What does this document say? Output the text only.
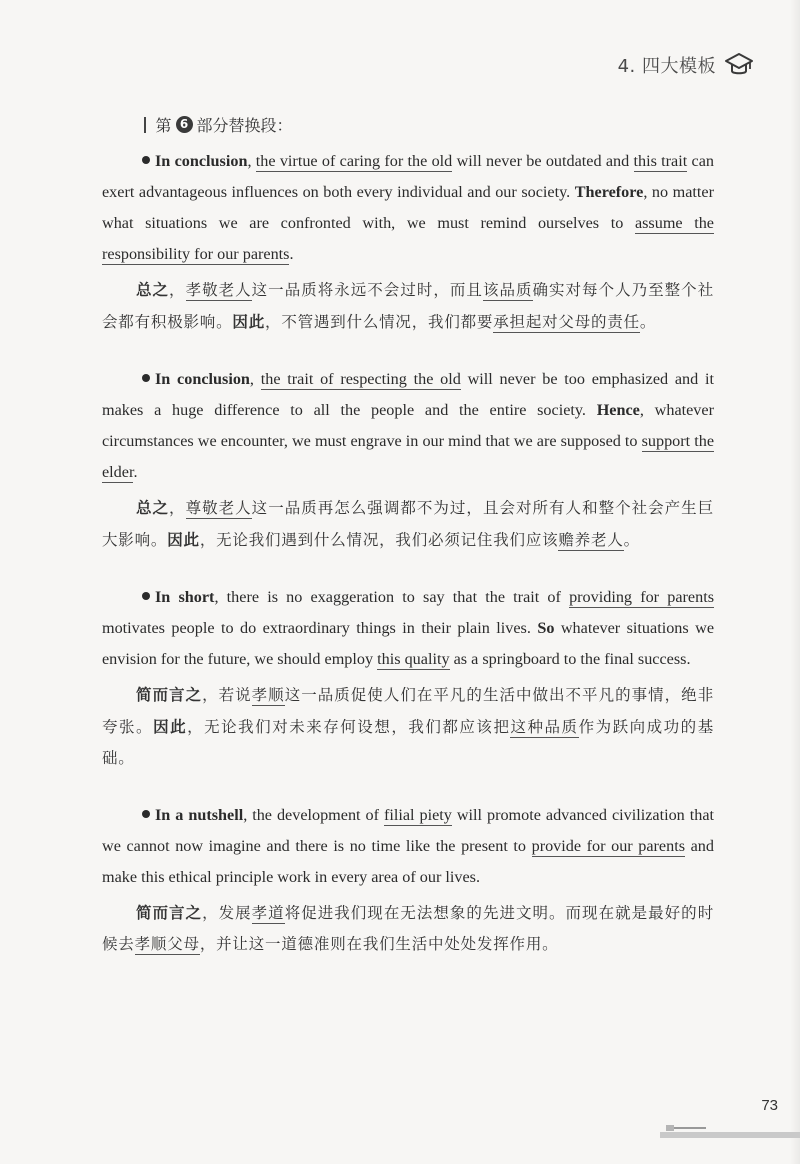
4. 四大模板
第 6 部分替换段：

In conclusion, the virtue of caring for the old will never be outdated and this trait can exert advantageous influences on both every individual and our society. Therefore, no matter what situations we are confronted with, we must remind ourselves to assume the responsibility for our parents.

总之，孝敬老人这一品质将永远不会过时，而且该品质确实对每个人乃至整个社会都有积极影响。因此，不管遇到什么情况，我们都要承担起对父母的责任。

In conclusion, the trait of respecting the old will never be too emphasized and it makes a huge difference to all the people and the entire society. Hence, whatever circumstances we encounter, we must engrave in our mind that we are supposed to support the elder.

总之，尊敬老人这一品质再怎么强调都不为过，且会对所有人和整个社会产生巨大影响。因此，无论我们遇到什么情况，我们必须记住我们应该赡养老人。

In short, there is no exaggeration to say that the trait of providing for parents motivates people to do extraordinary things in their plain lives. So whatever situations we envision for the future, we should employ this quality as a springboard to the final success.

简而言之，若说孝顺这一品质促使人们在平凡的生活中做出不平凡的事情，绝非夸张。因此，无论我们对未来存何设想，我们都应该把这种品质作为跃向成功的基础。

In a nutshell, the development of filial piety will promote advanced civilization that we cannot now imagine and there is no time like the present to provide for our parents and make this ethical principle work in every area of our lives.

简而言之，发展孝道将促进我们现在无法想象的先进文明。而现在就是最好的时候去孝顺父母，并让这一道德准则在我们生活中处处发挥作用。

73
